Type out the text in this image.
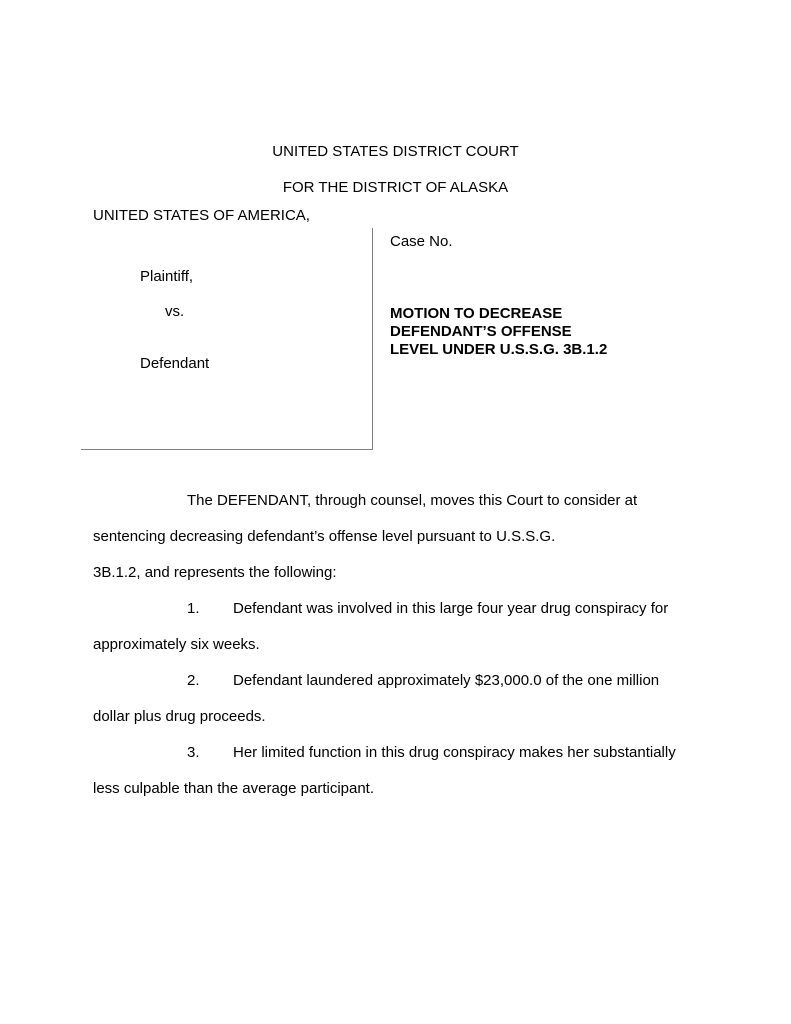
UNITED STATES DISTRICT COURT
FOR THE DISTRICT OF ALASKA
UNITED STATES OF AMERICA,
Plaintiff,
vs.
Defendant
Case No.
MOTION TO DECREASE
DEFENDANT’S OFFENSE
LEVEL UNDER U.S.S.G. 3B.1.2
The DEFENDANT, through counsel, moves this Court to consider at
sentencing decreasing defendant’s offense level pursuant to U.S.S.G.
3B.1.2, and represents the following:
1. Defendant was involved in this large four year drug conspiracy for
approximately six weeks.
2. Defendant laundered approximately $23,000.0 of the one million
dollar plus drug proceeds.
3. Her limited function in this drug conspiracy makes her substantially
less culpable than the average participant.
